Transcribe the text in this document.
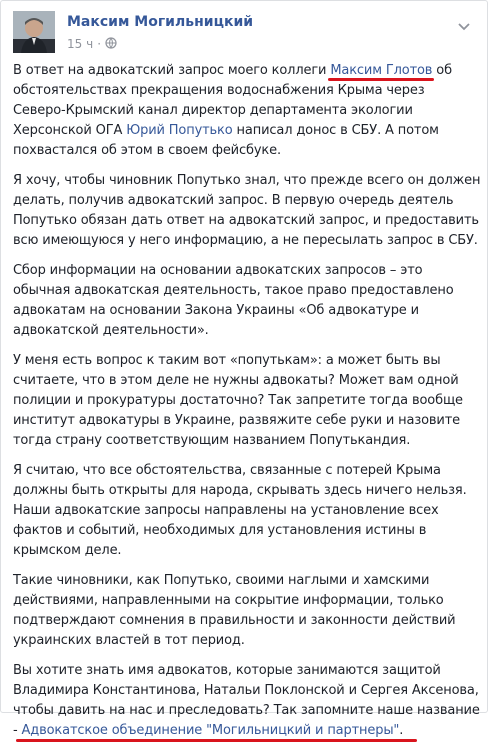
Максим Могильницкий
15 ч ·

В ответ на адвокатский запрос моего коллеги Максим Глотов
об обстоятельствах прекращения водоснабжения Крыма через Северо-Крымский канал директор департамента экологии Херсонской ОГА Юрий Попутько написал донос в СБУ. А потом похвастался об этом в своем фейсбуке.

Я хочу, чтобы чиновник Попутько знал, что прежде всего он должен делать, получив адвокатский запрос. В первую очередь деятель Попутько обязан дать ответ на адвокатский запрос, и предоставить всю имеющуюся у него информацию, а не пересылать запрос в СБУ.

Сбор информации на основании адвокатских запросов – это обычная адвокатская деятельность, такое право предоставлено адвокатам на основании Закона Украины «Об адвокатуре и адвокатской деятельности».

У меня есть вопрос к таким вот «попутькам»: а может быть вы считаете, что в этом деле не нужны адвокаты? Может вам одной полиции и прокуратуры достаточно? Так запретите тогда вообще институт адвокатуры в Украине, развяжите себе руки и назовите тогда страну соответствующим названием Попутькандия.

Я считаю, что все обстоятельства, связанные с потерей Крыма должны быть открыты для народа, скрывать здесь ничего нельзя. Наши адвокатские запросы направлены на установление всех фактов и событий, необходимых для установления истины в крымском деле.

Такие чиновники, как Попутько, своими наглыми и хамскими действиями, направленными на сокрытие информации, только подтверждают сомнения в правильности и законности действий украинских властей в тот период.

Вы хотите знать имя адвокатов, которые занимаются защитой Владимира Константинова, Натальи Поклонской и Сергея Аксенова, чтобы давить на нас и преследовать? Так запомните наше название - Адвокатское объединение "Могильницкий и партнеры"
.
